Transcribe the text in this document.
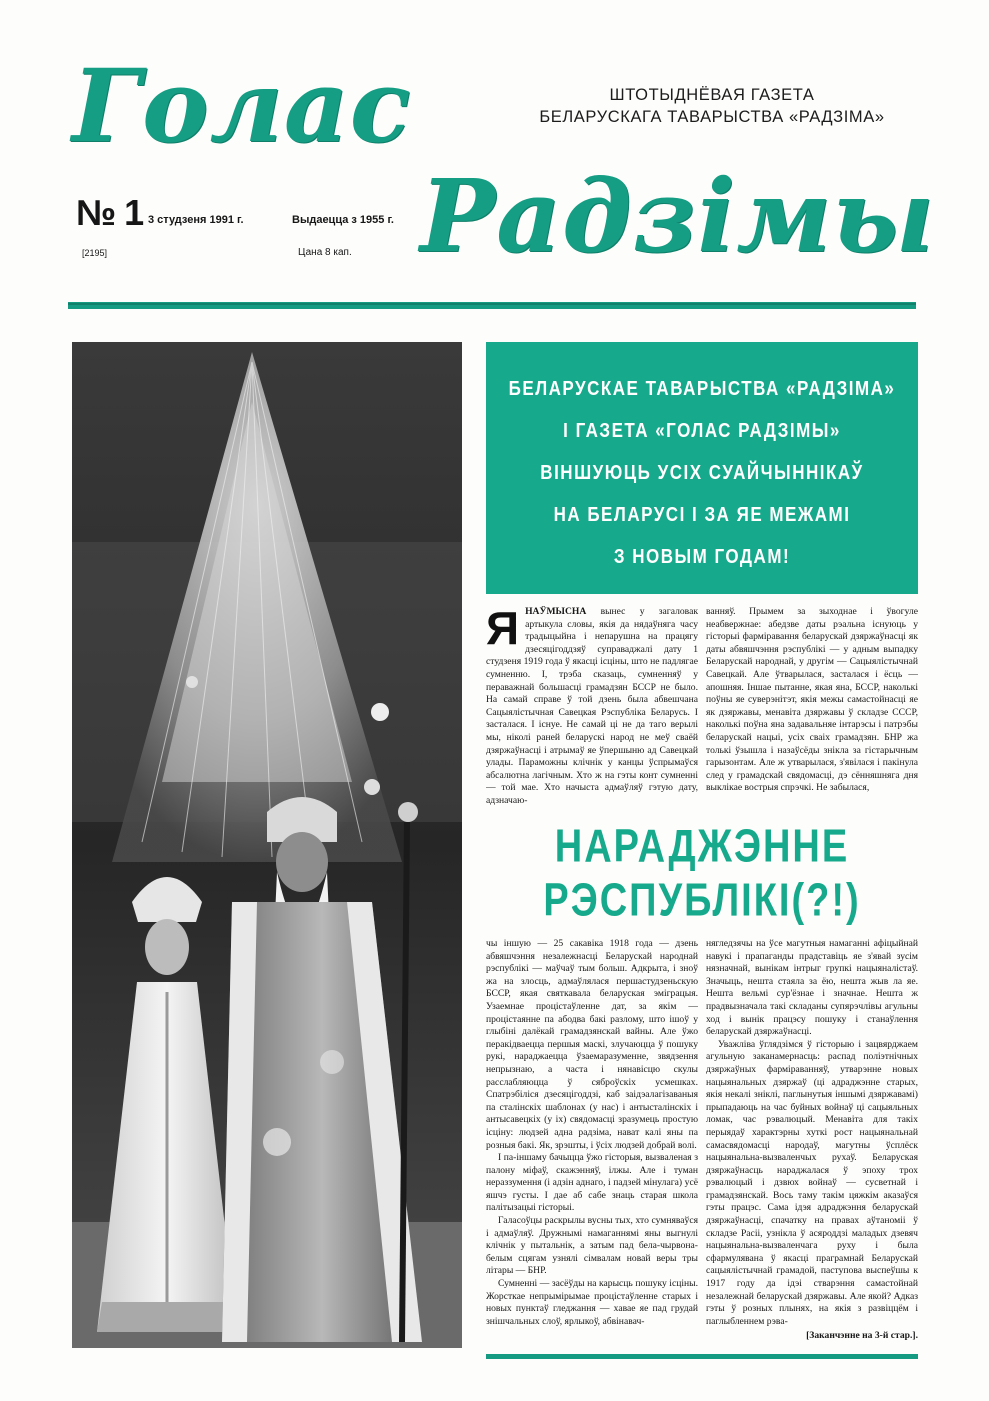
Голас
Радзімы
ШТОТЫДНЁВАЯ ГАЗЕТА
БЕЛАРУСКАГА ТАВАРЫСТВА «РАДЗІМА»
№ 1 3 студзеня 1991 г.	Выдаецца з 1955 г.
[2195]	Цана 8 кап.
БЕЛАРУСКАЕ ТАВАРЫСТВА «РАДЗІМА»
І ГАЗЕТА «ГОЛАС РАДЗІМЫ»
ВІНШУЮЦЬ УСІХ СУАЙЧЫННІКАЎ
НА БЕЛАРУСІ І ЗА ЯЕ МЕЖАМІ
З НОВЫМ ГОДАМ!

ЯНАЎМЫСНА вынес у загаловак артыкула словы, якія да нядаўняга часу традыцыйна і непарушна на працягу дзесяцігоддзяў суправаджалі дату 1 студзеня 1919 года ў якасці ісціны, што не падлягае сумненню. І, трэба сказаць, сумненняў у пераважнай большасці грамадзян БССР не было. На самай справе ў той дзень была абвешчана Сацыялістычная Савецкая Рэспубліка Беларусь. І засталася. І існуе. Не самай ці не да таго верылі мы, ніколі раней беларускі народ не меў сваёй дзяржаўнасці і атрымаў яе ўпершыню ад Савецкай улады. Параможны клічнік у канцы ўспрымаўся абсалютна лагічным. Хто ж на гэты конт сумненні — той мае. Хто начыста адмаўляў гэтую дату, адзначаю-

ванняў. Прымем за зыходнае і ўвогуле неабвержнае: абедзве даты рэальна існуюць у гісторыі фарміравання беларускай дзяржаўнасці як даты абвяшчэння рэспублікі — у адным выпадку Беларускай народнай, у другім — Сацыялістычнай Савецкай. Але ўтварылася, засталася і ёсць — апошняя. Іншае пытанне, якая яна, БССР, наколькі поўны яе суверэнітэт, якія межы самастойнасці яе як дзяржавы, менавіта дзяржавы ў складзе СССР, наколькі поўна яна задавальняе інтарэсы і патрэбы беларускай нацыі, усіх сваіх грамадзян. БНР жа толькі ўзышла і назаўсёды знікла за гістарычным гарызонтам. Але ж утварылася, з'явілася і пакінула след у грамадскай свядомасці, дэ сённяшняга дня выклікае вострыя спрэчкі. Не забылася,

НАРАДЖЭННЕ
РЭСПУБЛІКІ(?!)

чы іншую — 25 сакавіка 1918 года — дзень абвяшчэння незалежнасці Беларускай народнай рэспублікі — маўчаў тым больш. Адкрыта, і зноў жа на злосць, адмаўлялася першастудзеньскую БССР, якая святкавала беларуская эміграцыя. Узаемнае процістаўленне дат, за якім — процістаянне па абодва бакі разлому, што ішоў у глыбіні далёкай грамадзянскай вайны. Але ўжо перакідваецца першыя маскі, злучаюцца ў пошуку рукі, нараджаецца ўзаемаразуменне, звядзення непрызнаю, а часта і нянавісцю скулы расслабляюцца ў сяброўскіх усмешках. Спатрэбіліся дзесяцігоддзі, каб заідэалагізаваныя па сталінскіх шаблонах (у нас) і антысталінскіх і антысавецкіх (у іх) свядомасці зразумець простую ісціну: людзей адна радзіма, нават калі яны па розныя бакі. Як, зрэшты, і ўсіх людзей добрай волі.

І па-іншаму бачыцца ўжо гісторыя, вызваленая з палону міфаў, скажэнняў, ілжы. Але і туман нераззумення (і адзін аднаго, і падзей мінулага) усё яшчэ густы. І дае аб сабе знаць старая школа палітызацыі гісторыі.

Галасоўцы раскрылы вусны тых, хто сумняваўся і адмаўляў. Дружнымі намаганнямі яны выгнулі клічнік у пытальнік, а затым пад бела-чырвона-белым сцягам узнялі сімвалам новай веры тры літары — БНР.

Сумненні — засёўды на карысць пошуку ісціны. Жорсткае непрымірымае процістаўленне старых і новых пунктаў гледжання — хавае яе пад грудай знішчальных слоў, ярлыкоў, абвінавач-

нягледзячы на ўсе магутныя намаганні афіцыйнай навукі і прапаганды прадставіць яе з'явай зусім нязначнай, вынікам інтрыг групкі нацыяналістаў. Значыць, нешта стаяла за ёю, нешта жыв ла яе. Нешта вельмі сур'ёзнае і значнае. Нешта ж прадвызначала такі складаны супярэчлівы агульны ход і вынік працэсу пошуку і станаўлення беларускай дзяржаўнасці.

Уважліва ўглядзімся ў гісторыю і зацвярджаем агульную заканамернасць: распад поліэтнічных дзяржаўных фарміраванняў, утварэнне новых нацыянальных дзяржаў (ці адраджэнне старых, якія некалі зніклі, паглынутыя іншымі дзяржавамі) прыпадаюць на час буйных войнаў ці сацыяльных ломак, час рэвалюцый. Менавіта для такіх перыядаў характэрны хуткі рост нацыянальнай самасвядомасці народаў, магутны ўсплёск нацыянальна-вызваленчых рухаў. Беларуская дзяржаўнасць нараджалася ў эпоху трох рэвалюцый і дзвюх войнаў — сусветнай і грамадзянскай. Вось таму такім цяжкім аказаўся гэты працэс. Сама ідэя адраджэння беларускай дзяржаўнасці, спачатку на правах аўтаноміі ў складзе Расіі, узнікла ў асяроддзі маладых дзевяч нацыянальна-вызваленчага руху і была сфармулявана ў якасці праграмнай Беларускай сацыялістычнай грамадой, паступова выспеўшы к 1917 году да ідэі стварэння самастойнай незалежнай беларускай дзяржавы. Але якой? Адказ гэты ў розных плынях, на якія з развіццём і паглыбленнем рэва-

[Заканчэнне на 3-й стар.].
